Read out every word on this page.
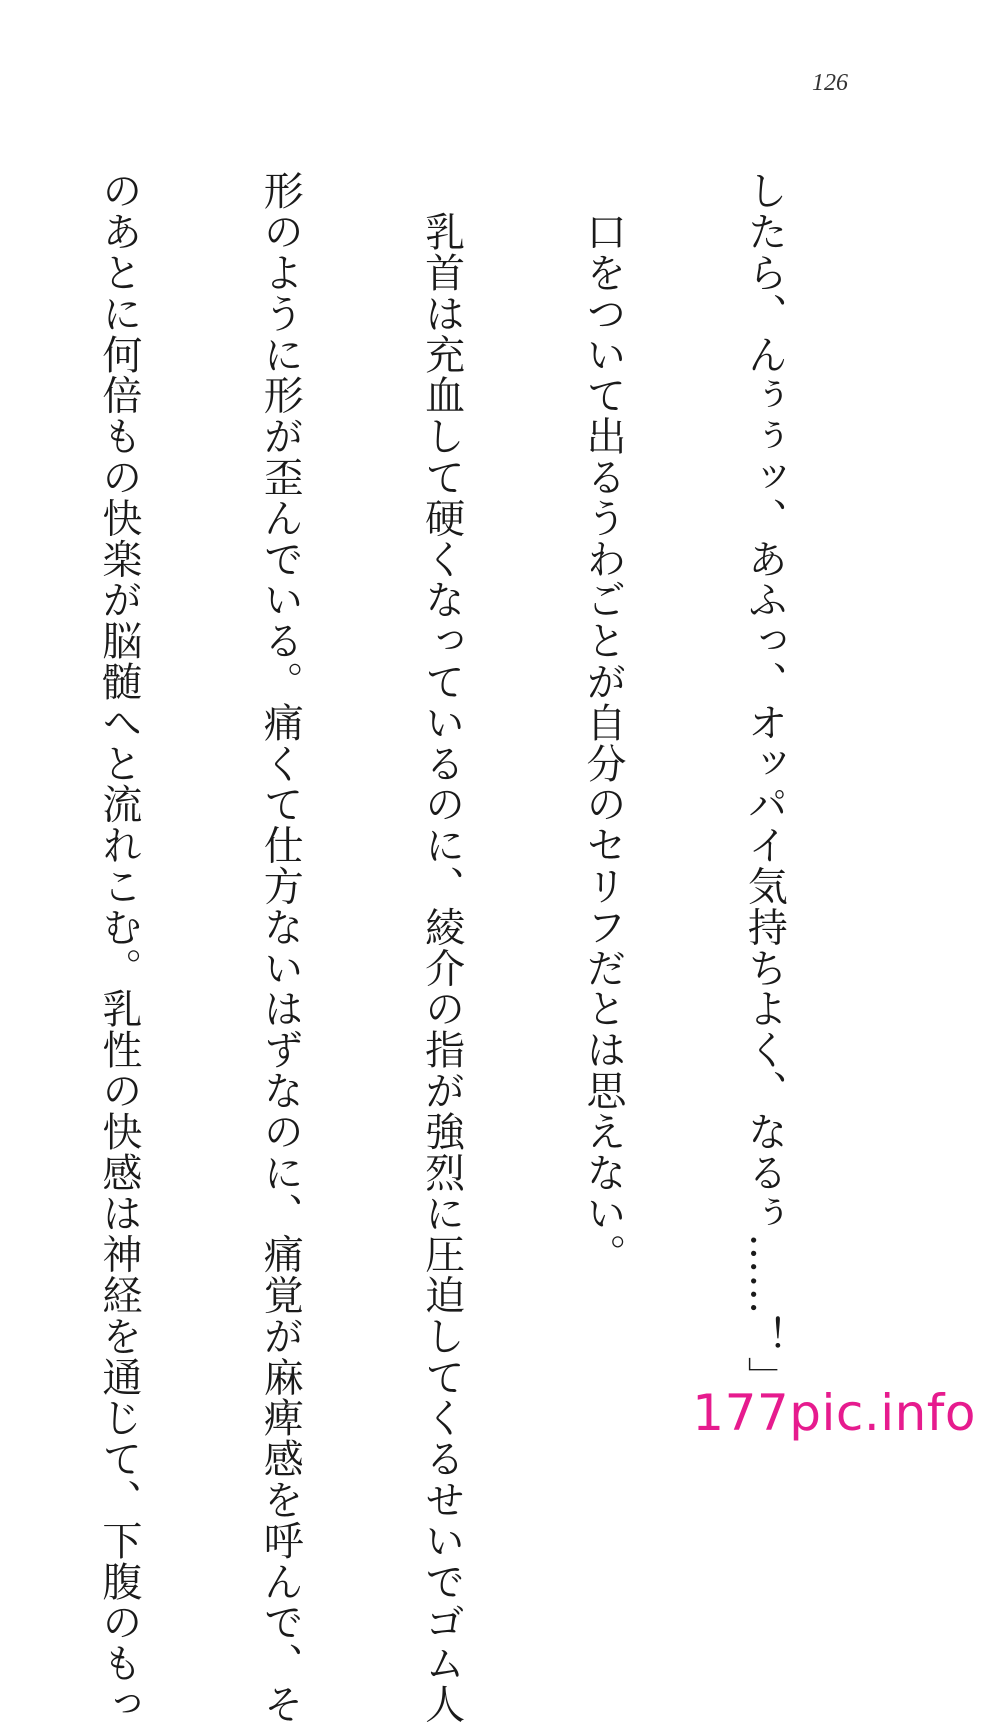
126

したら、んぅぅッ、あふっ、オッパイ気持ちよく、なるぅ……！」

　口をついて出るうわごとが自分のセリフだとは思えない。

　乳首は充血して硬くなっているのに、綾介の指が強烈に圧迫してくるせいでゴム人

形のように形が歪んでいる。痛くて仕方ないはずなのに、痛覚が麻痺感を呼んで、そ

のあとに何倍もの快楽が脳髄へと流れこむ。乳性の快感は神経を通じて、下腹のもっ

	177pic.info
